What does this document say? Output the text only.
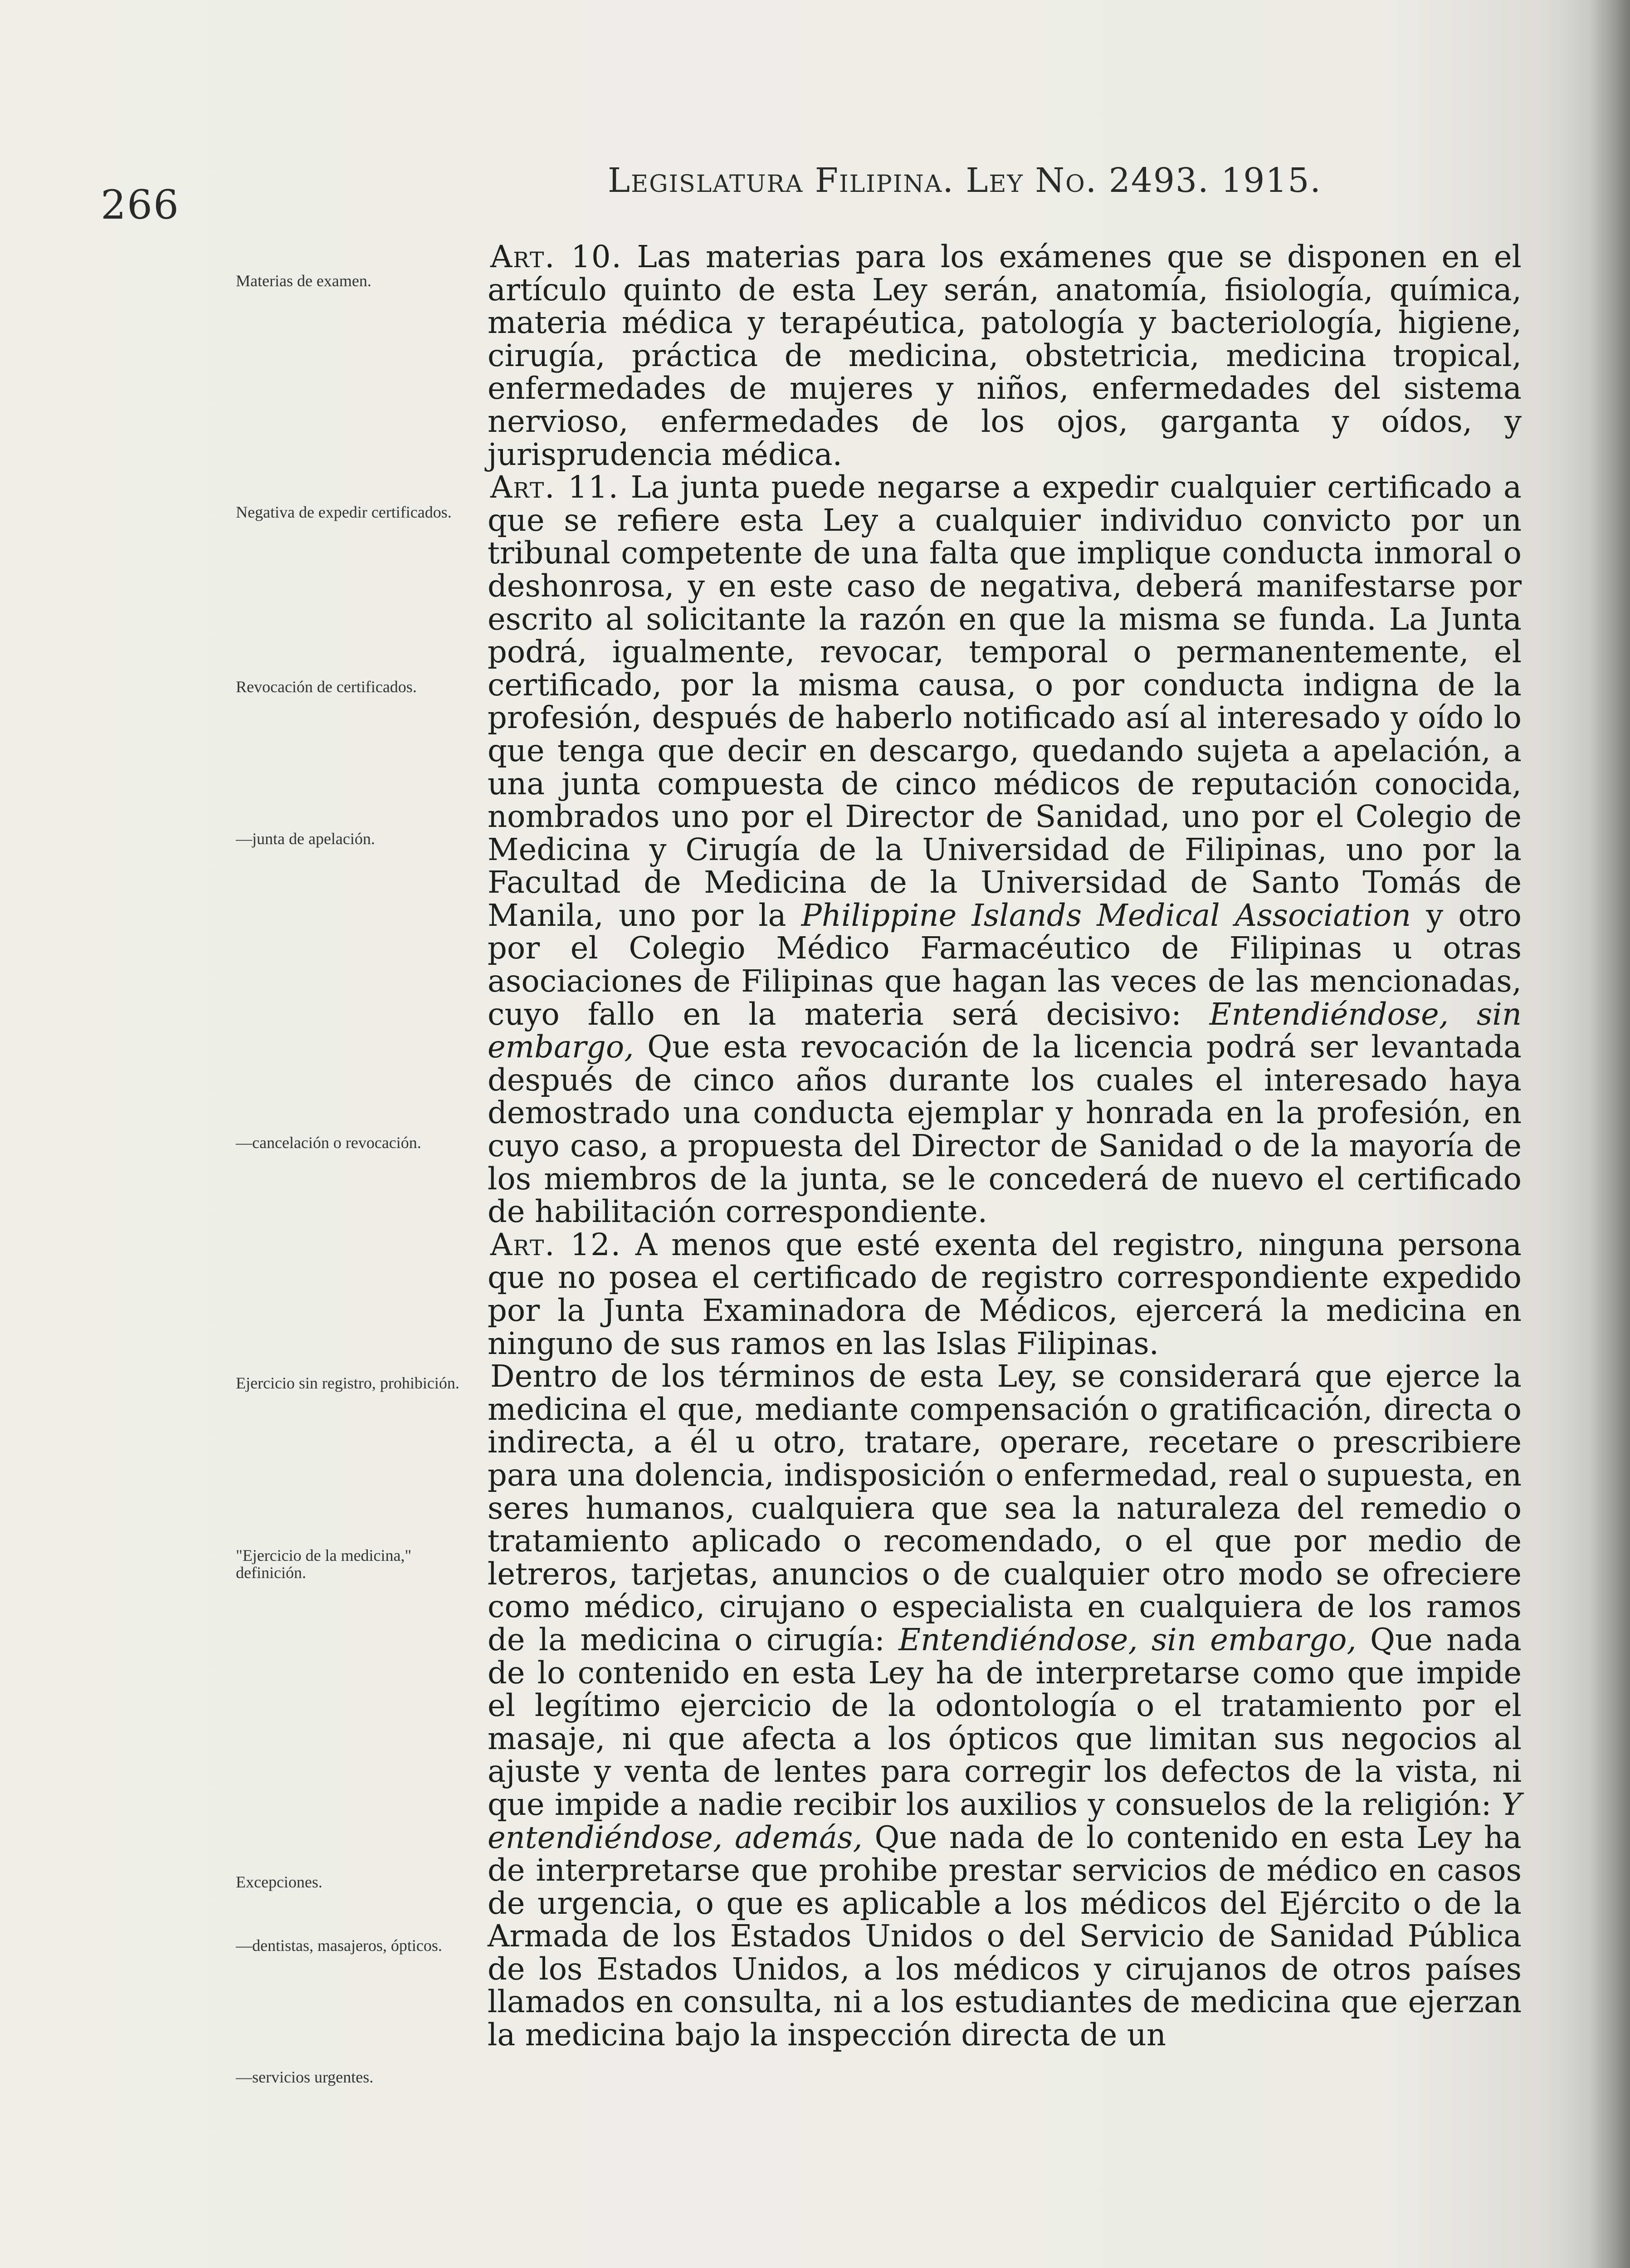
266
Legislatura Filipina. Ley No. 2493. 1915.
Materias de examen.
Negativa de expedir certificados.
Revocación de certificados.
—junta de apelación.
—cancelación o revocación.
Ejercicio sin registro, prohibición.
"Ejercicio de la medicina," definición.
Excepciones.
—dentistas, masajeros, ópticos.
—servicios urgentes.

Art. 10. Las materias para los exámenes que se disponen en el artículo quinto de esta Ley serán, anatomía, fisiología, química, materia médica y terapéutica, patología y bacteriología, higiene, cirugía, práctica de medicina, obstetricia, medicina tropical, enfermedades de mujeres y niños, enfermedades del sistema nervioso, enfermedades de los ojos, garganta y oídos, y jurisprudencia médica.

Art. 11. La junta puede negarse a expedir cualquier certificado a que se refiere esta Ley a cualquier individuo convicto por un tribunal competente de una falta que implique conducta inmoral o deshonrosa, y en este caso de negativa, deberá manifestarse por escrito al solicitante la razón en que la misma se funda. La Junta podrá, igualmente, revocar, temporal o permanentemente, el certificado, por la misma causa, o por conducta indigna de la profesión, después de haberlo notificado así al interesado y oído lo que tenga que decir en descargo, quedando sujeta a apelación, a una junta compuesta de cinco médicos de reputación conocida, nombrados uno por el Director de Sanidad, uno por el Colegio de Medicina y Cirugía de la Universidad de Filipinas, uno por la Facultad de Medicina de la Universidad de Santo Tomás de Manila, uno por la Philippine Islands Medical Association y otro por el Colegio Médico Farmacéutico de Filipinas u otras asociaciones de Filipinas que hagan las veces de las mencionadas, cuyo fallo en la materia será decisivo: Entendiéndose, sin embargo, Que esta revocación de la licencia podrá ser levantada después de cinco años durante los cuales el interesado haya demostrado una conducta ejemplar y honrada en la profesión, en cuyo caso, a propuesta del Director de Sanidad o de la mayoría de los miembros de la junta, se le concederá de nuevo el certificado de habilitación correspondiente.

Art. 12. A menos que esté exenta del registro, ninguna persona que no posea el certificado de registro correspondiente expedido por la Junta Examinadora de Médicos, ejercerá la medicina en ninguno de sus ramos en las Islas Filipinas.

Dentro de los términos de esta Ley, se considerará que ejerce la medicina el que, mediante compensación o gratificación, directa o indirecta, a él u otro, tratare, operare, recetare o prescribiere para una dolencia, indisposición o enfermedad, real o supuesta, en seres humanos, cualquiera que sea la naturaleza del remedio o tratamiento aplicado o recomendado, o el que por medio de letreros, tarjetas, anuncios o de cualquier otro modo se ofreciere como médico, cirujano o especialista en cualquiera de los ramos de la medicina o cirugía: Entendiéndose, sin embargo, Que nada de lo contenido en esta Ley ha de interpretarse como que impide el legítimo ejercicio de la odontología o el tratamiento por el masaje, ni que afecta a los ópticos que limitan sus negocios al ajuste y venta de lentes para corregir los defectos de la vista, ni que impide a nadie recibir los auxilios y consuelos de la religión: Y entendiéndose, además, Que nada de lo contenido en esta Ley ha de interpretarse que prohibe prestar servicios de médico en casos de urgencia, o que es aplicable a los médicos del Ejército o de la Armada de los Estados Unidos o del Servicio de Sanidad Pública de los Estados Unidos, a los médicos y cirujanos de otros países llamados en consulta, ni a los estudiantes de medicina que ejerzan la medicina bajo la inspección directa de un
